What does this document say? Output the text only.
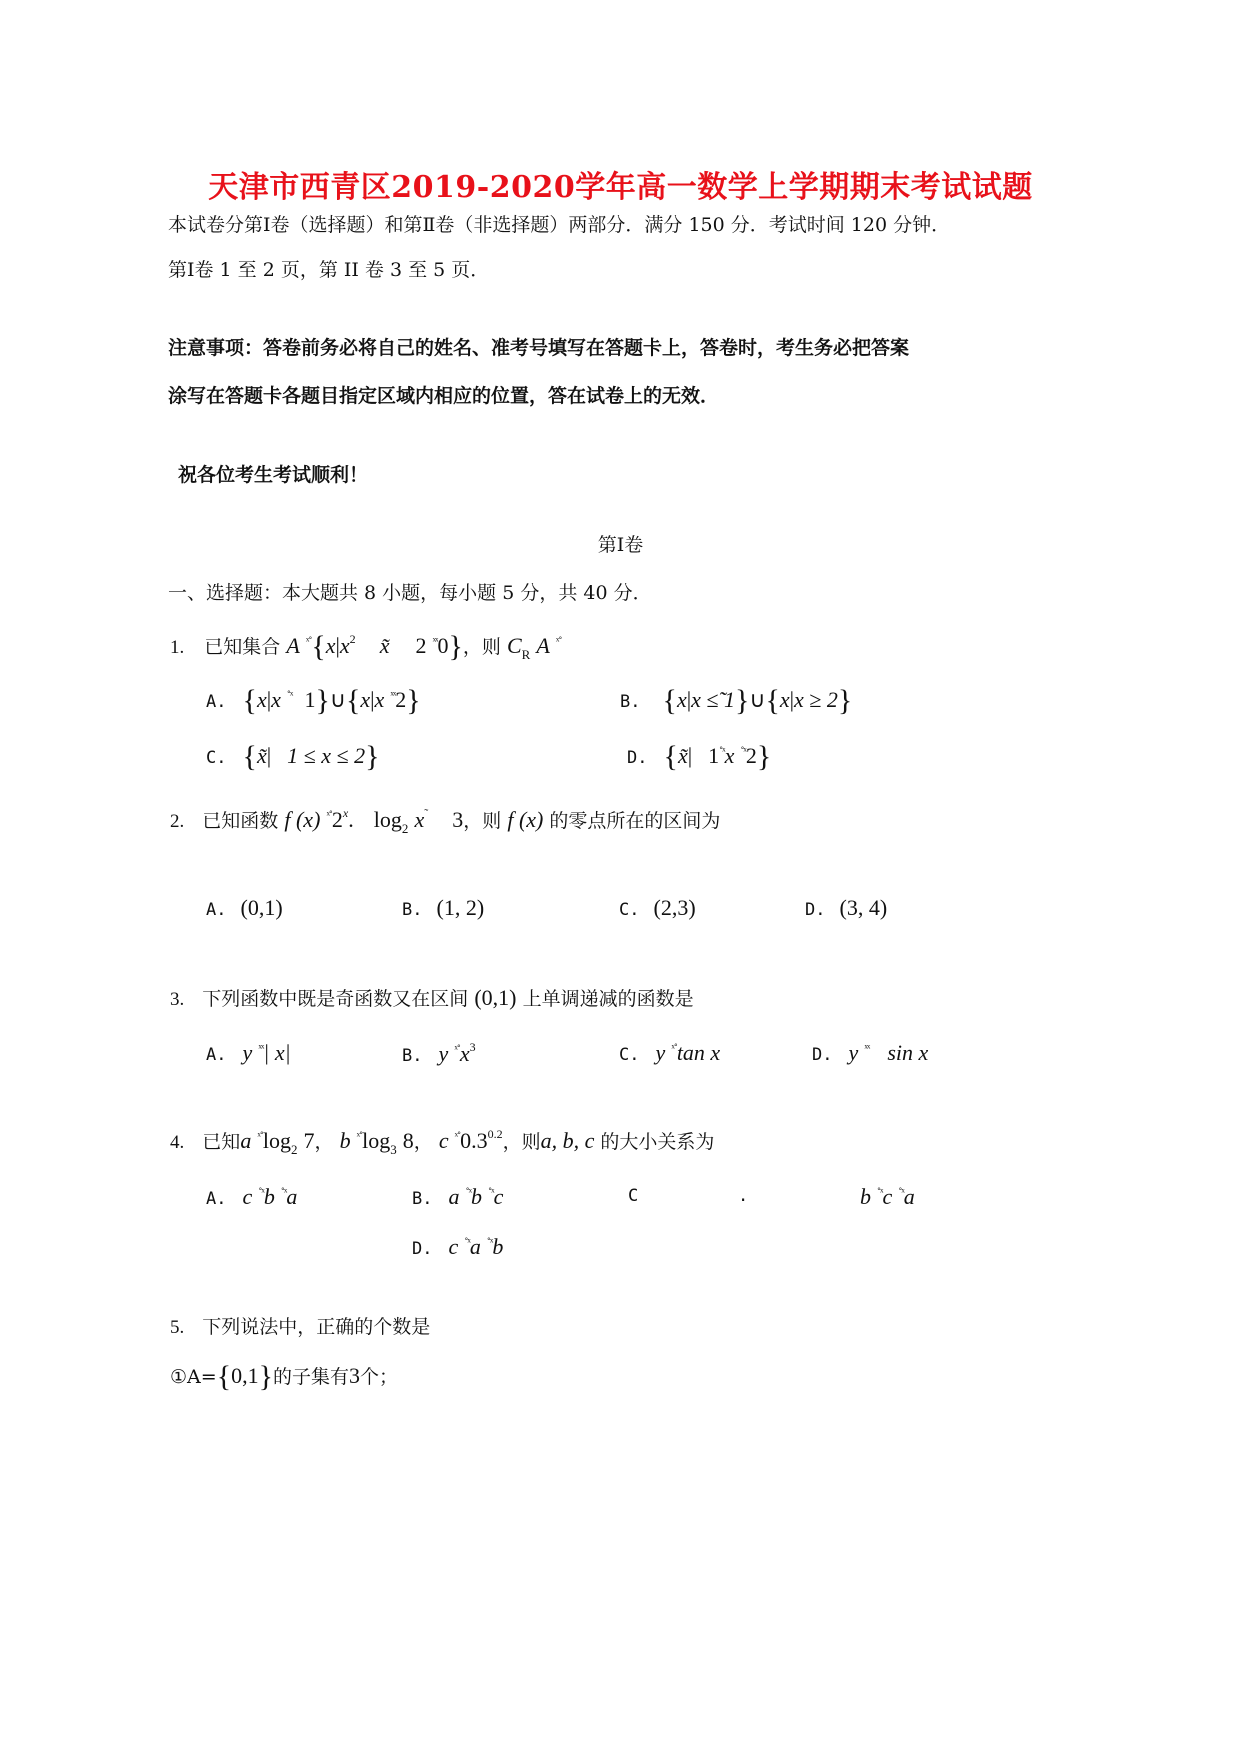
天津市西青区2019-2020学年高一数学上学期期末考试试题
本试卷分第Ⅰ卷（选择题）和第Ⅱ卷（非选择题）两部分．满分 150 分．考试时间 120 分钟．
第Ⅰ卷 1 至 2 页，第 II 卷 3 至 5 页．
注意事项：答卷前务必将自己的姓名、准考号填写在答题卡上，答卷时，考生务必把答案
涂写在答题卡各题目指定区域内相应的位置，答在试卷上的无效．
祝各位考生考试顺利！
第Ⅰ卷
一、选择题：本大题共 8 小题，每小题 5 分，共 40 分．
1. 已知集合 A $^{ˣ˚}\{x|x^2$ x̃ 2 $^{ˣˣ}$0}，则 $C_R$ A $^{ˣ˚}$
A. {x|x $^{˚ˣ}$ 1}∪{x|x $^{ˣˣ}$2}	B. {x|x ≤̃ 1}∪{x|x ≥ 2}
C. {x̃| 1 ≤ x ≤ 2}	D. {x̃| $1^{˚ˣ}x$ $^{˚ˣ}$2}
2. 已知函数 f (x) $^{ˣ˚}$2$^x$. $\log_2 x^˜$ 3，则 f (x) 的零点所在的区间为
A. (0,1)	B. (1, 2)	C. (2,3)	D. (3, 4)
3. 下列函数中既是奇函数又在区间 (0,1) 上单调递减的函数是
A. y $^{ˣˣ}$| x|	B. y $^{ˣ˚}x^3$	C. y $^{ˣ˚}$tan x	D. y $^{ˣˣ}$ sin x
4. 已知a $^{ˣ˚}\log_2$ 7， b $^{ˣ˚}\log_3$ 8， c $^{ˣ˚}0.3^{0.2}$，则a, b, c 的大小关系为
A. c $^{˚ˣ}$b $^{˚ˣ}$a	B. a $^{˚ˣ}$b $^{˚ˣ}$c	C	.	b $^{˚ˣ}$c $^{˚ˣ}$a
D. c $^{˚ˣ}$a $^{˚ˣ}$b
5. 下列说法中，正确的个数是
①A={0,1}的子集有3个；
